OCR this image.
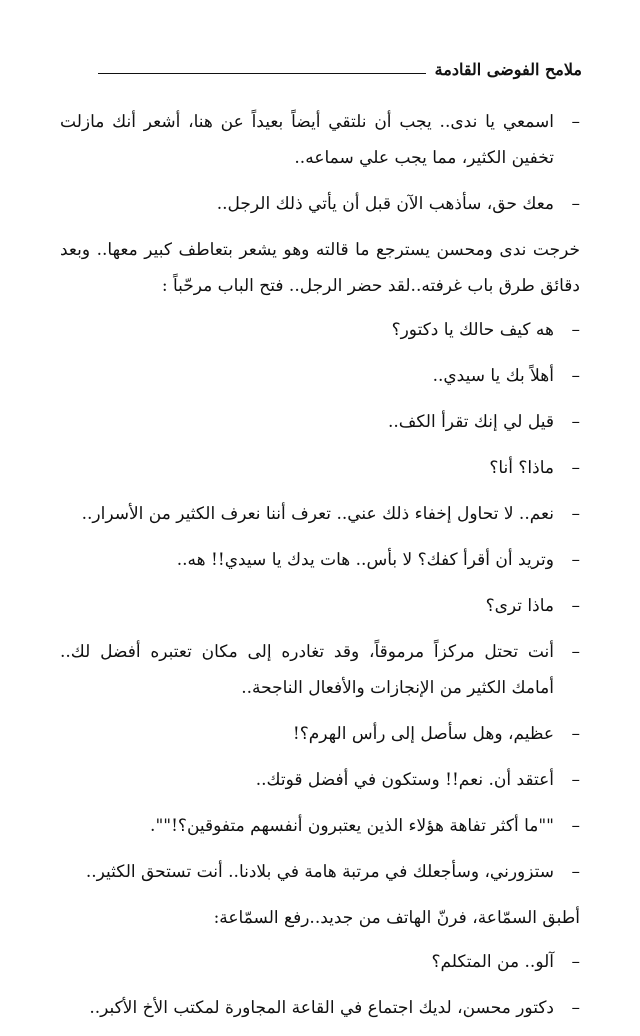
ملامح الفوضى القادمة
–
اسمعي يا ندى.. يجب أن نلتقي أيضاً بعيداً عن هنا، أشعر أنك مازلت تخفين الكثير، مما يجب علي سماعه..
–
معك حق، سأذهب الآن قبل أن يأتي ذلك الرجل..
خرجت ندى ومحسن يسترجع ما قالته وهو يشعر بتعاطف كبير معها.. وبعد دقائق طرق باب غرفته..لقد حضر الرجل.. فتح الباب مرحّباً :
–
هه كيف حالك يا دكتور؟
–
أهلاً بك يا سيدي..
–
قيل لي إنك تقرأ الكف..
–
ماذا؟ أنا؟
–
نعم.. لا تحاول إخفاء ذلك عني.. تعرف أننا نعرف الكثير من الأسرار..
–
وتريد أن أقرأ كفك؟ لا بأس.. هات يدك يا سيدي!! هه..
–
ماذا ترى؟
–
أنت تحتل مركزاً مرموقاً، وقد تغادره إلى مكان تعتبره أفضل لك.. أمامك الكثير من الإنجازات والأفعال الناجحة..
–
عظيم، وهل سأصل إلى رأس الهرم؟!
–
أعتقد أن. نعم!! وستكون في أفضل قوتك..
–
""ما أكثر تفاهة هؤلاء الذين يعتبرون أنفسهم متفوقين؟!"".
–
ستزورني، وسأجعلك في مرتبة هامة في بلادنا.. أنت تستحق الكثير..
أطبق السمّاعة، فرنّ الهاتف من جديد..رفع السمّاعة:
–
آلو.. من المتكلم؟
–
دكتور محسن، لديك اجتماع في القاعة المجاورة لمكتب الأخ الأكبر..
